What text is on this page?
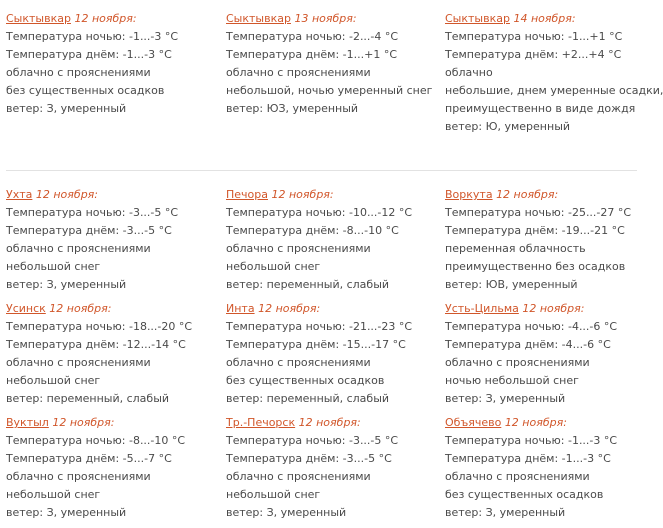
Сыктывкар 12 ноября:
Температура ночью: -1...-3 °C
Температура днём: -1...-3 °C
облачно с прояснениями
без существенных осадков
ветер: З, умеренный
Сыктывкар 13 ноября:
Температура ночью: -2...-4 °C
Температура днём: -1...+1 °C
облачно с прояснениями
небольшой, ночью умеренный снег
ветер: ЮЗ, умеренный
Сыктывкар 14 ноября:
Температура ночью: -1...+1 °C
Температура днём: +2...+4 °C
облачно
небольшие, днем умеренные осадки,
преимущественно в виде дождя
ветер: Ю, умеренный
Ухта 12 ноября:
Температура ночью: -3...-5 °C
Температура днём: -3...-5 °C
облачно с прояснениями
небольшой снег
ветер: З, умеренный
Печора 12 ноября:
Температура ночью: -10...-12 °C
Температура днём: -8...-10 °C
облачно с прояснениями
небольшой снег
ветер: переменный, слабый
Воркута 12 ноября:
Температура ночью: -25...-27 °C
Температура днём: -19...-21 °C
переменная облачность
преимущественно без осадков
ветер: ЮВ, умеренный
Усинск 12 ноября:
Температура ночью: -18...-20 °C
Температура днём: -12...-14 °C
облачно с прояснениями
небольшой снег
ветер: переменный, слабый
Инта 12 ноября:
Температура ночью: -21...-23 °C
Температура днём: -15...-17 °C
облачно с прояснениями
без существенных осадков
ветер: переменный, слабый
Усть-Цильма 12 ноября:
Температура ночью: -4...-6 °C
Температура днём: -4...-6 °C
облачно с прояснениями
ночью небольшой снег
ветер: З, умеренный
Вуктыл 12 ноября:
Температура ночью: -8...-10 °C
Температура днём: -5...-7 °C
облачно с прояснениями
небольшой снег
ветер: З, умеренный
Тр.-Печорск 12 ноября:
Температура ночью: -3...-5 °C
Температура днём: -3...-5 °C
облачно с прояснениями
небольшой снег
ветер: З, умеренный
Объячево 12 ноября:
Температура ночью: -1...-3 °C
Температура днём: -1...-3 °C
облачно с прояснениями
без существенных осадков
ветер: З, умеренный
